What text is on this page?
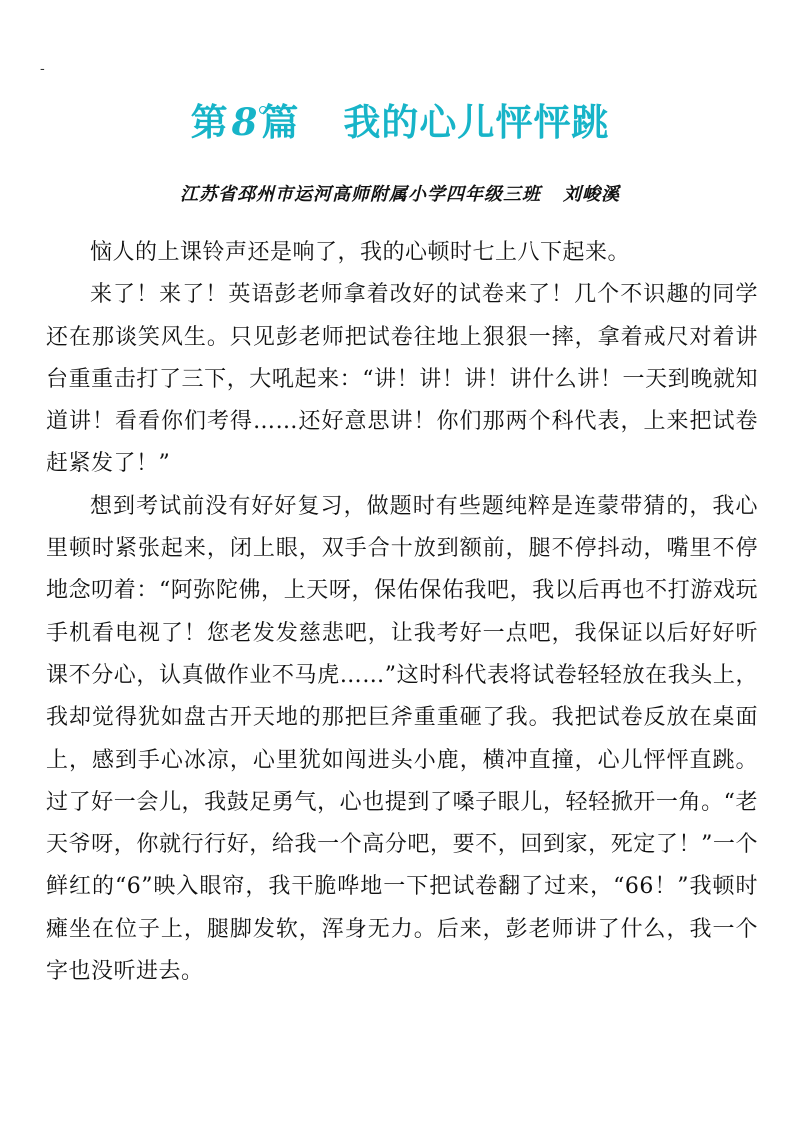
-
第8篇 我的心儿怦怦跳
江苏省邳州市运河高师附属小学四年级三班 刘峻溪

恼人的上课铃声还是响了，我的心顿时七上八下起来。

来了！来了！英语彭老师拿着改好的试卷来了！几个不识趣的同学还在那谈笑风生。只见彭老师把试卷往地上狠狠一摔，拿着戒尺对着讲台重重击打了三下，大吼起来：“讲！讲！讲！讲什么讲！一天到晚就知道讲！看看你们考得……还好意思讲！你们那两个科代表，上来把试卷赶紧发了！”

想到考试前没有好好复习，做题时有些题纯粹是连蒙带猜的，我心里顿时紧张起来，闭上眼，双手合十放到额前，腿不停抖动，嘴里不停地念叨着：“阿弥陀佛，上天呀，保佑保佑我吧，我以后再也不打游戏玩手机看电视了！您老发发慈悲吧，让我考好一点吧，我保证以后好好听课不分心，认真做作业不马虎……”这时科代表将试卷轻轻放在我头上，我却觉得犹如盘古开天地的那把巨斧重重砸了我。我把试卷反放在桌面上，感到手心冰凉，心里犹如闯进头小鹿，横冲直撞，心儿怦怦直跳。过了好一会儿，我鼓足勇气，心也提到了嗓子眼儿，轻轻掀开一角。“老天爷呀，你就行行好，给我一个高分吧，要不，回到家，死定了！”一个鲜红的“6”映入眼帘，我干脆哗地一下把试卷翻了过来，“66！”我顿时瘫坐在位子上，腿脚发软，浑身无力。后来，彭老师讲了什么，我一个字也没听进去。
